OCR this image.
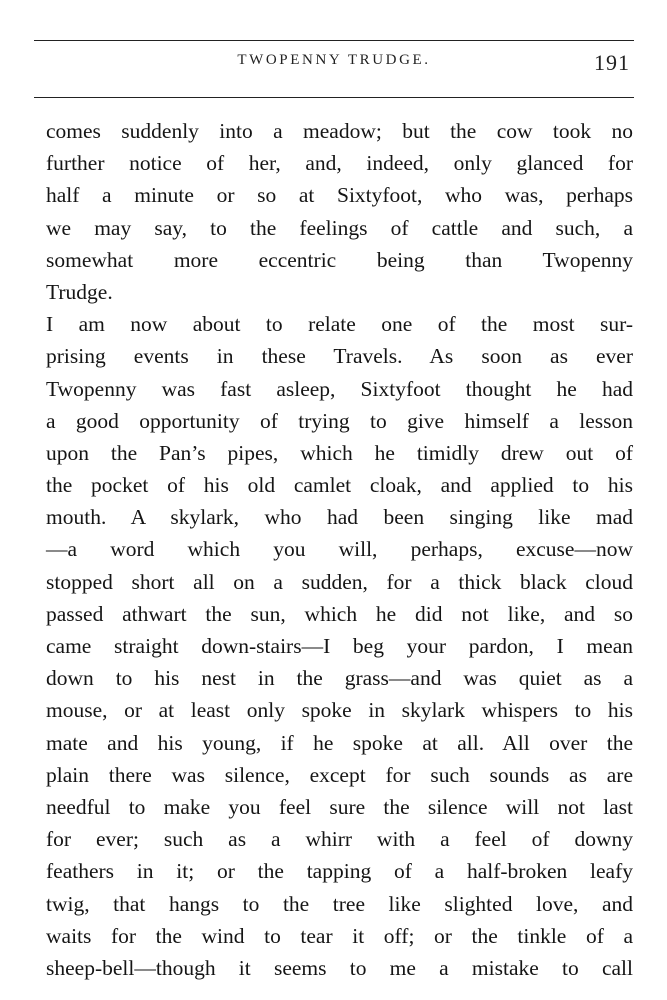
TWOPENNY TRUDGE.	191
comes suddenly into a meadow; but the cow took no
further notice of her, and, indeed, only glanced for
half a minute or so at Sixtyfoot, who was, perhaps
we may say, to the feelings of cattle and such, a
somewhat more eccentric being than Twopenny
Trudge.
I am now about to relate one of the most sur-
prising events in these Travels. As soon as ever
Twopenny was fast asleep, Sixtyfoot thought he had
a good opportunity of trying to give himself a lesson
upon the Pan’s pipes, which he timidly drew out of
the pocket of his old camlet cloak, and applied to his
mouth. A skylark, who had been singing like mad
—a word which you will, perhaps, excuse—now
stopped short all on a sudden, for a thick black cloud
passed athwart the sun, which he did not like, and so
came straight down-stairs—I beg your pardon, I mean
down to his nest in the grass—and was quiet as a
mouse, or at least only spoke in skylark whispers to his
mate and his young, if he spoke at all. All over the
plain there was silence, except for such sounds as are
needful to make you feel sure the silence will not last
for ever; such as a whirr with a feel of downy
feathers in it; or the tapping of a half-broken leafy
twig, that hangs to the tree like slighted love, and
waits for the wind to tear it off; or the tinkle of a
sheep-bell—though it seems to me a mistake to call
